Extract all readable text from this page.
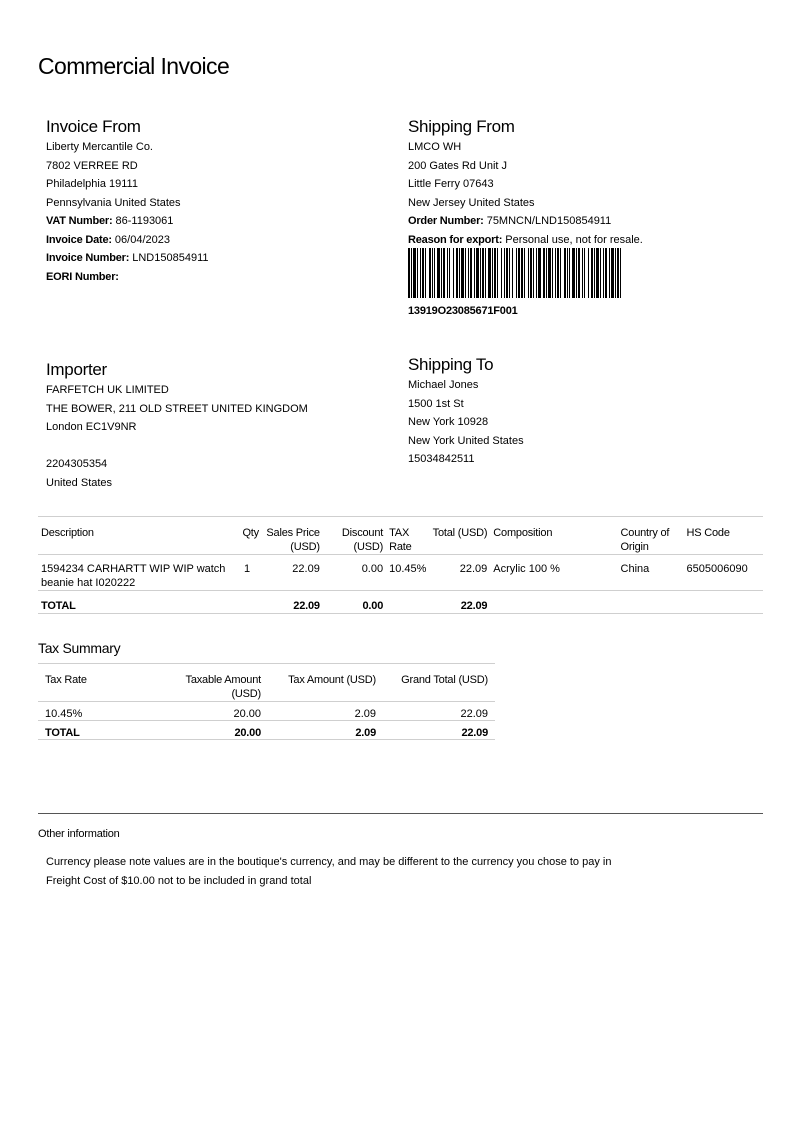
Commercial Invoice
Invoice From
Liberty Mercantile Co.
7802 VERREE RD
Philadelphia 19111
Pennsylvania United States
VAT Number: 86-1193061
Invoice Date: 06/04/2023
Invoice Number: LND150854911
EORI Number:
Shipping From
LMCO WH
200 Gates Rd Unit J
Little Ferry 07643
New Jersey United States
Order Number: 75MNCN/LND150854911
Reason for export: Personal use, not for resale.
13919O23085671F001
Importer
FARFETCH UK LIMITED
THE BOWER, 211 OLD STREET UNITED KINGDOM
London EC1V9NR
2204305354
United States
Shipping To
Michael Jones
1500 1st St
New York 10928
New York United States
15034842511
Description	Qty	Sales Price (USD)	Discount (USD)	TAX Rate	Total (USD)	Composition	Country of Origin	HS Code
1594234 CARHARTT WIP WIP watch beanie hat I020222	1	22.09	0.00	10.45%	22.09	Acrylic 100 %	China	6505006090
TOTAL		22.09	0.00		22.09			
Tax Summary
Tax Rate	Taxable Amount (USD)	Tax Amount (USD)	Grand Total (USD)
10.45%	20.00	2.09	22.09
TOTAL	20.00	2.09	22.09
Other information
Currency please note values are in the boutique's currency, and may be different to the currency you chose to pay in
Freight Cost of $10.00 not to be included in grand total
